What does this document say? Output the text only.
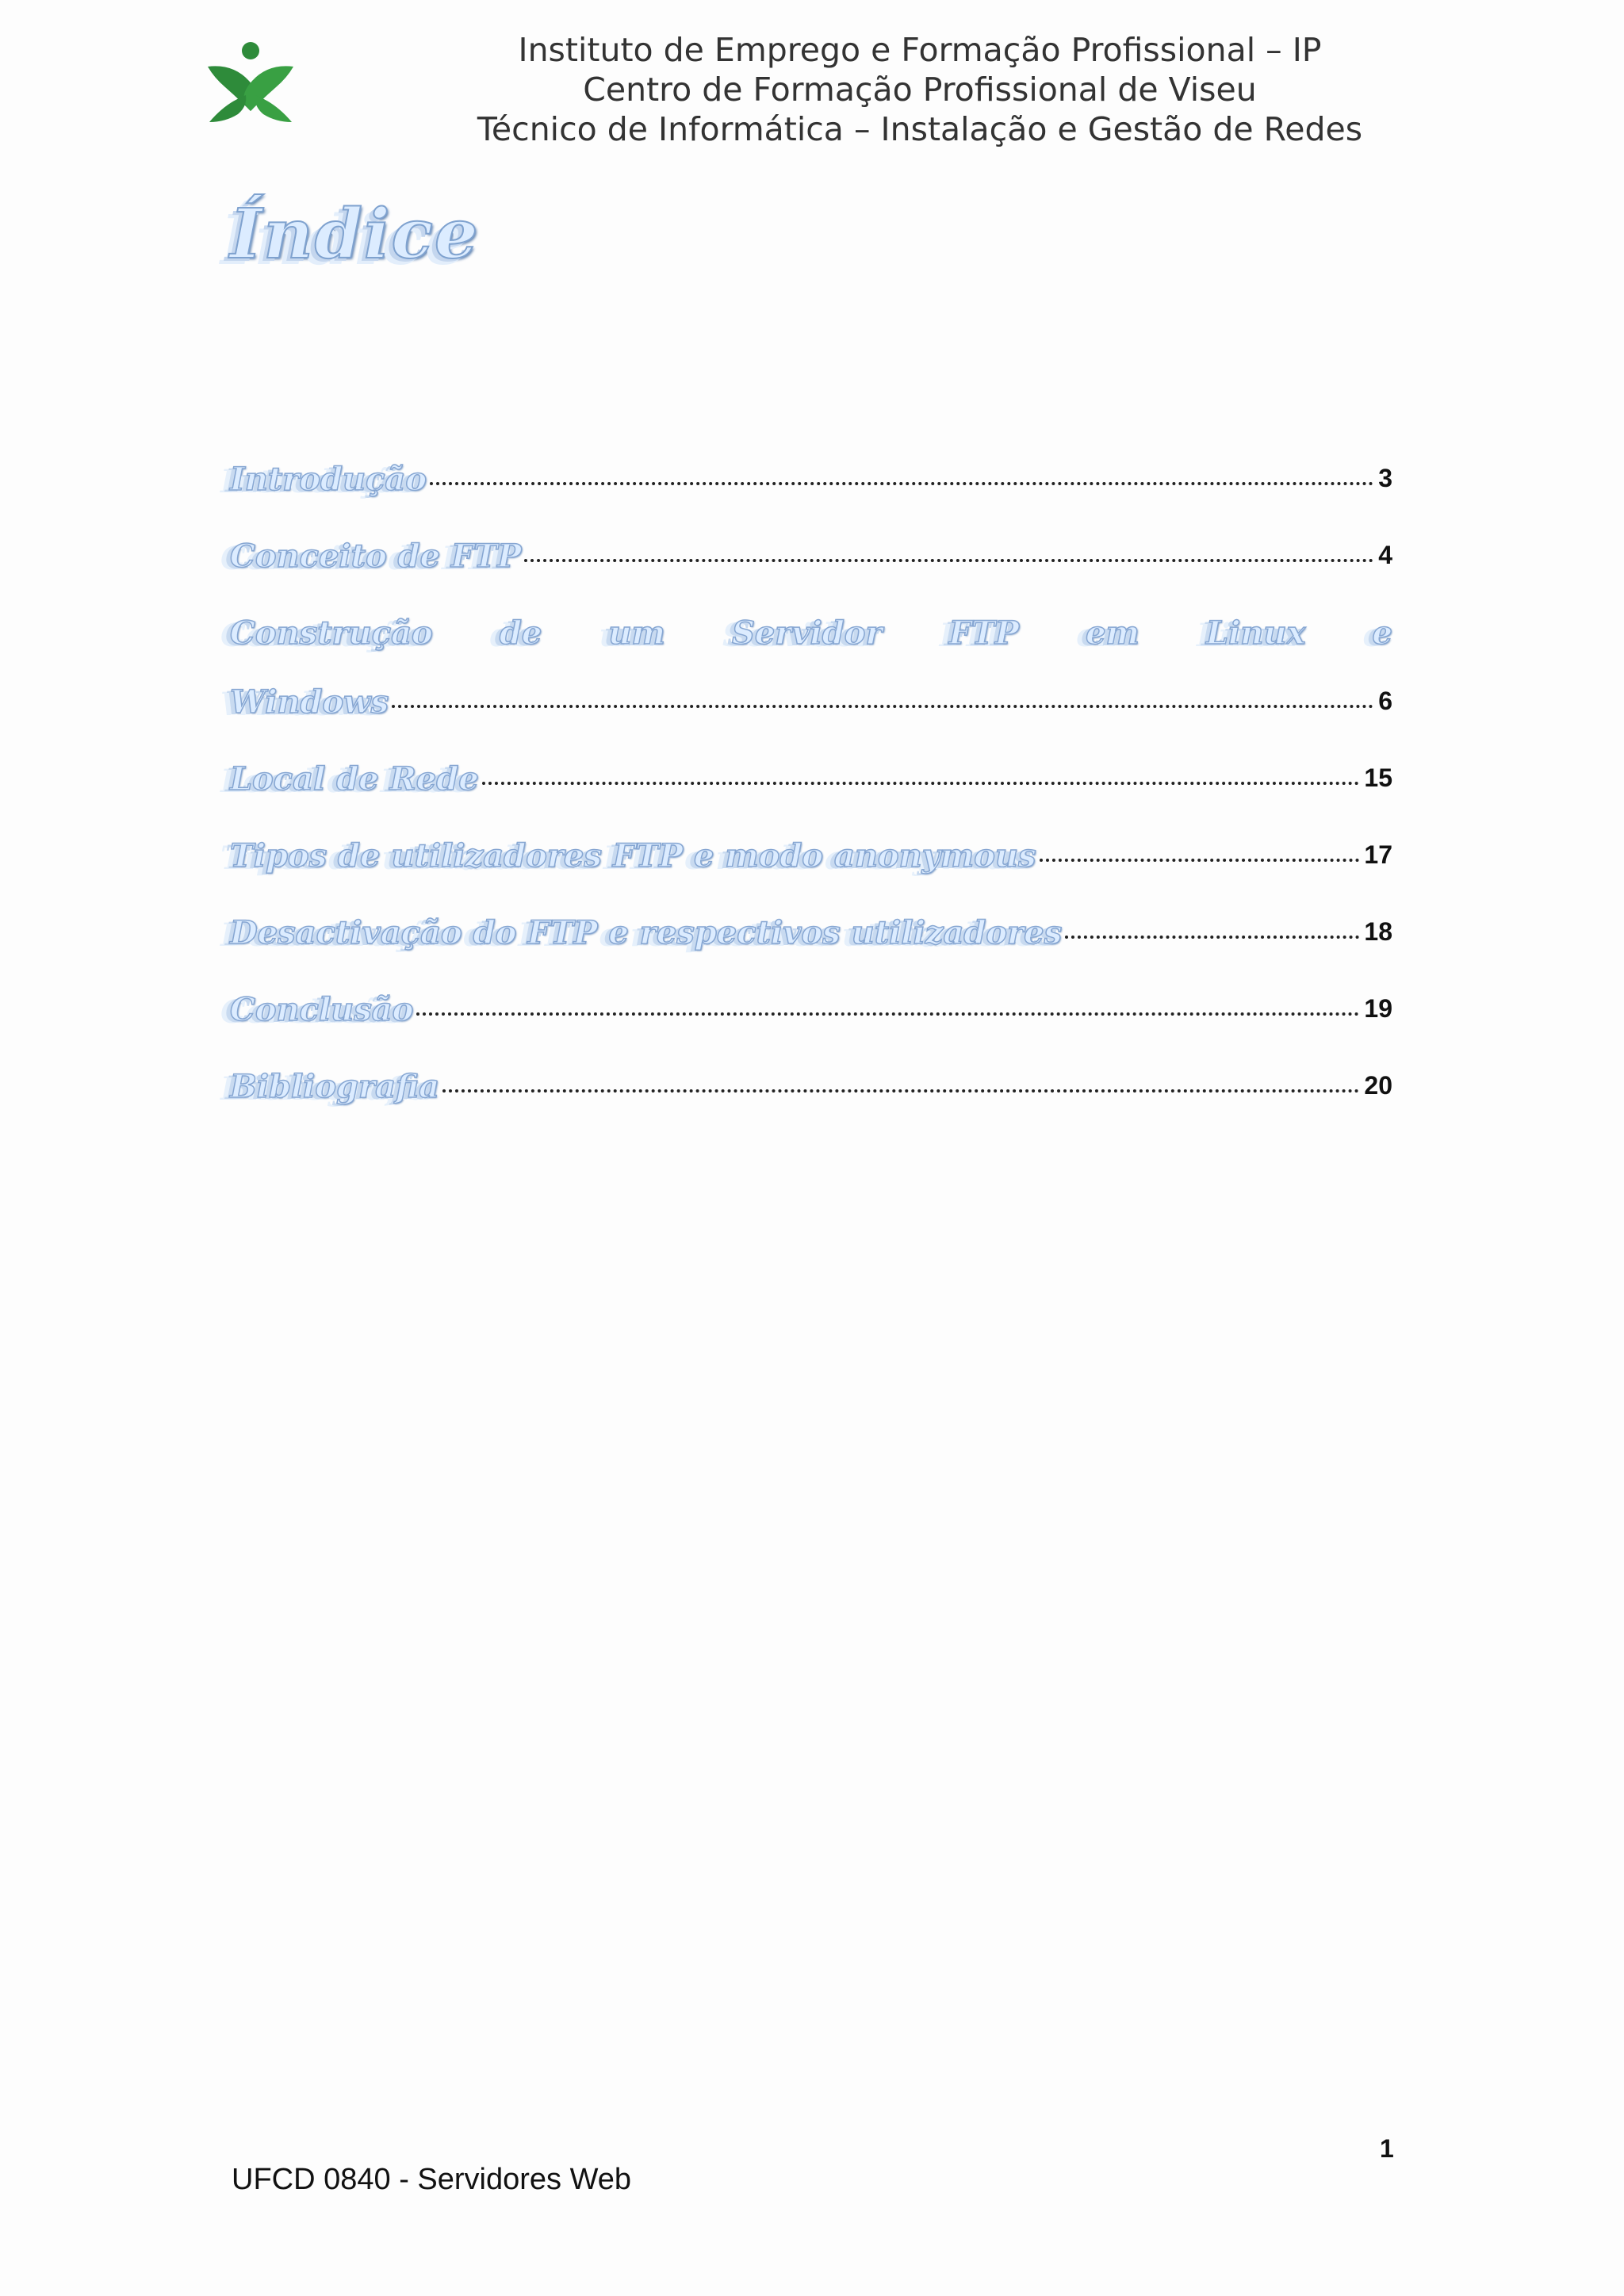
Instituto de Emprego e Formação Profissional – IP
Centro de Formação Profissional de Viseu
Técnico de Informática – Instalação e Gestão de Redes
Índice
Introdução	3
Conceito de FTP	4
Construção de um Servidor FTP em Linux e
Windows	6
Local de Rede	15
Tipos de utilizadores FTP e modo anonymous	17
Desactivação do FTP e respectivos utilizadores	18
Conclusão	19
Bibliografia	20
1
UFCD 0840 - Servidores Web
